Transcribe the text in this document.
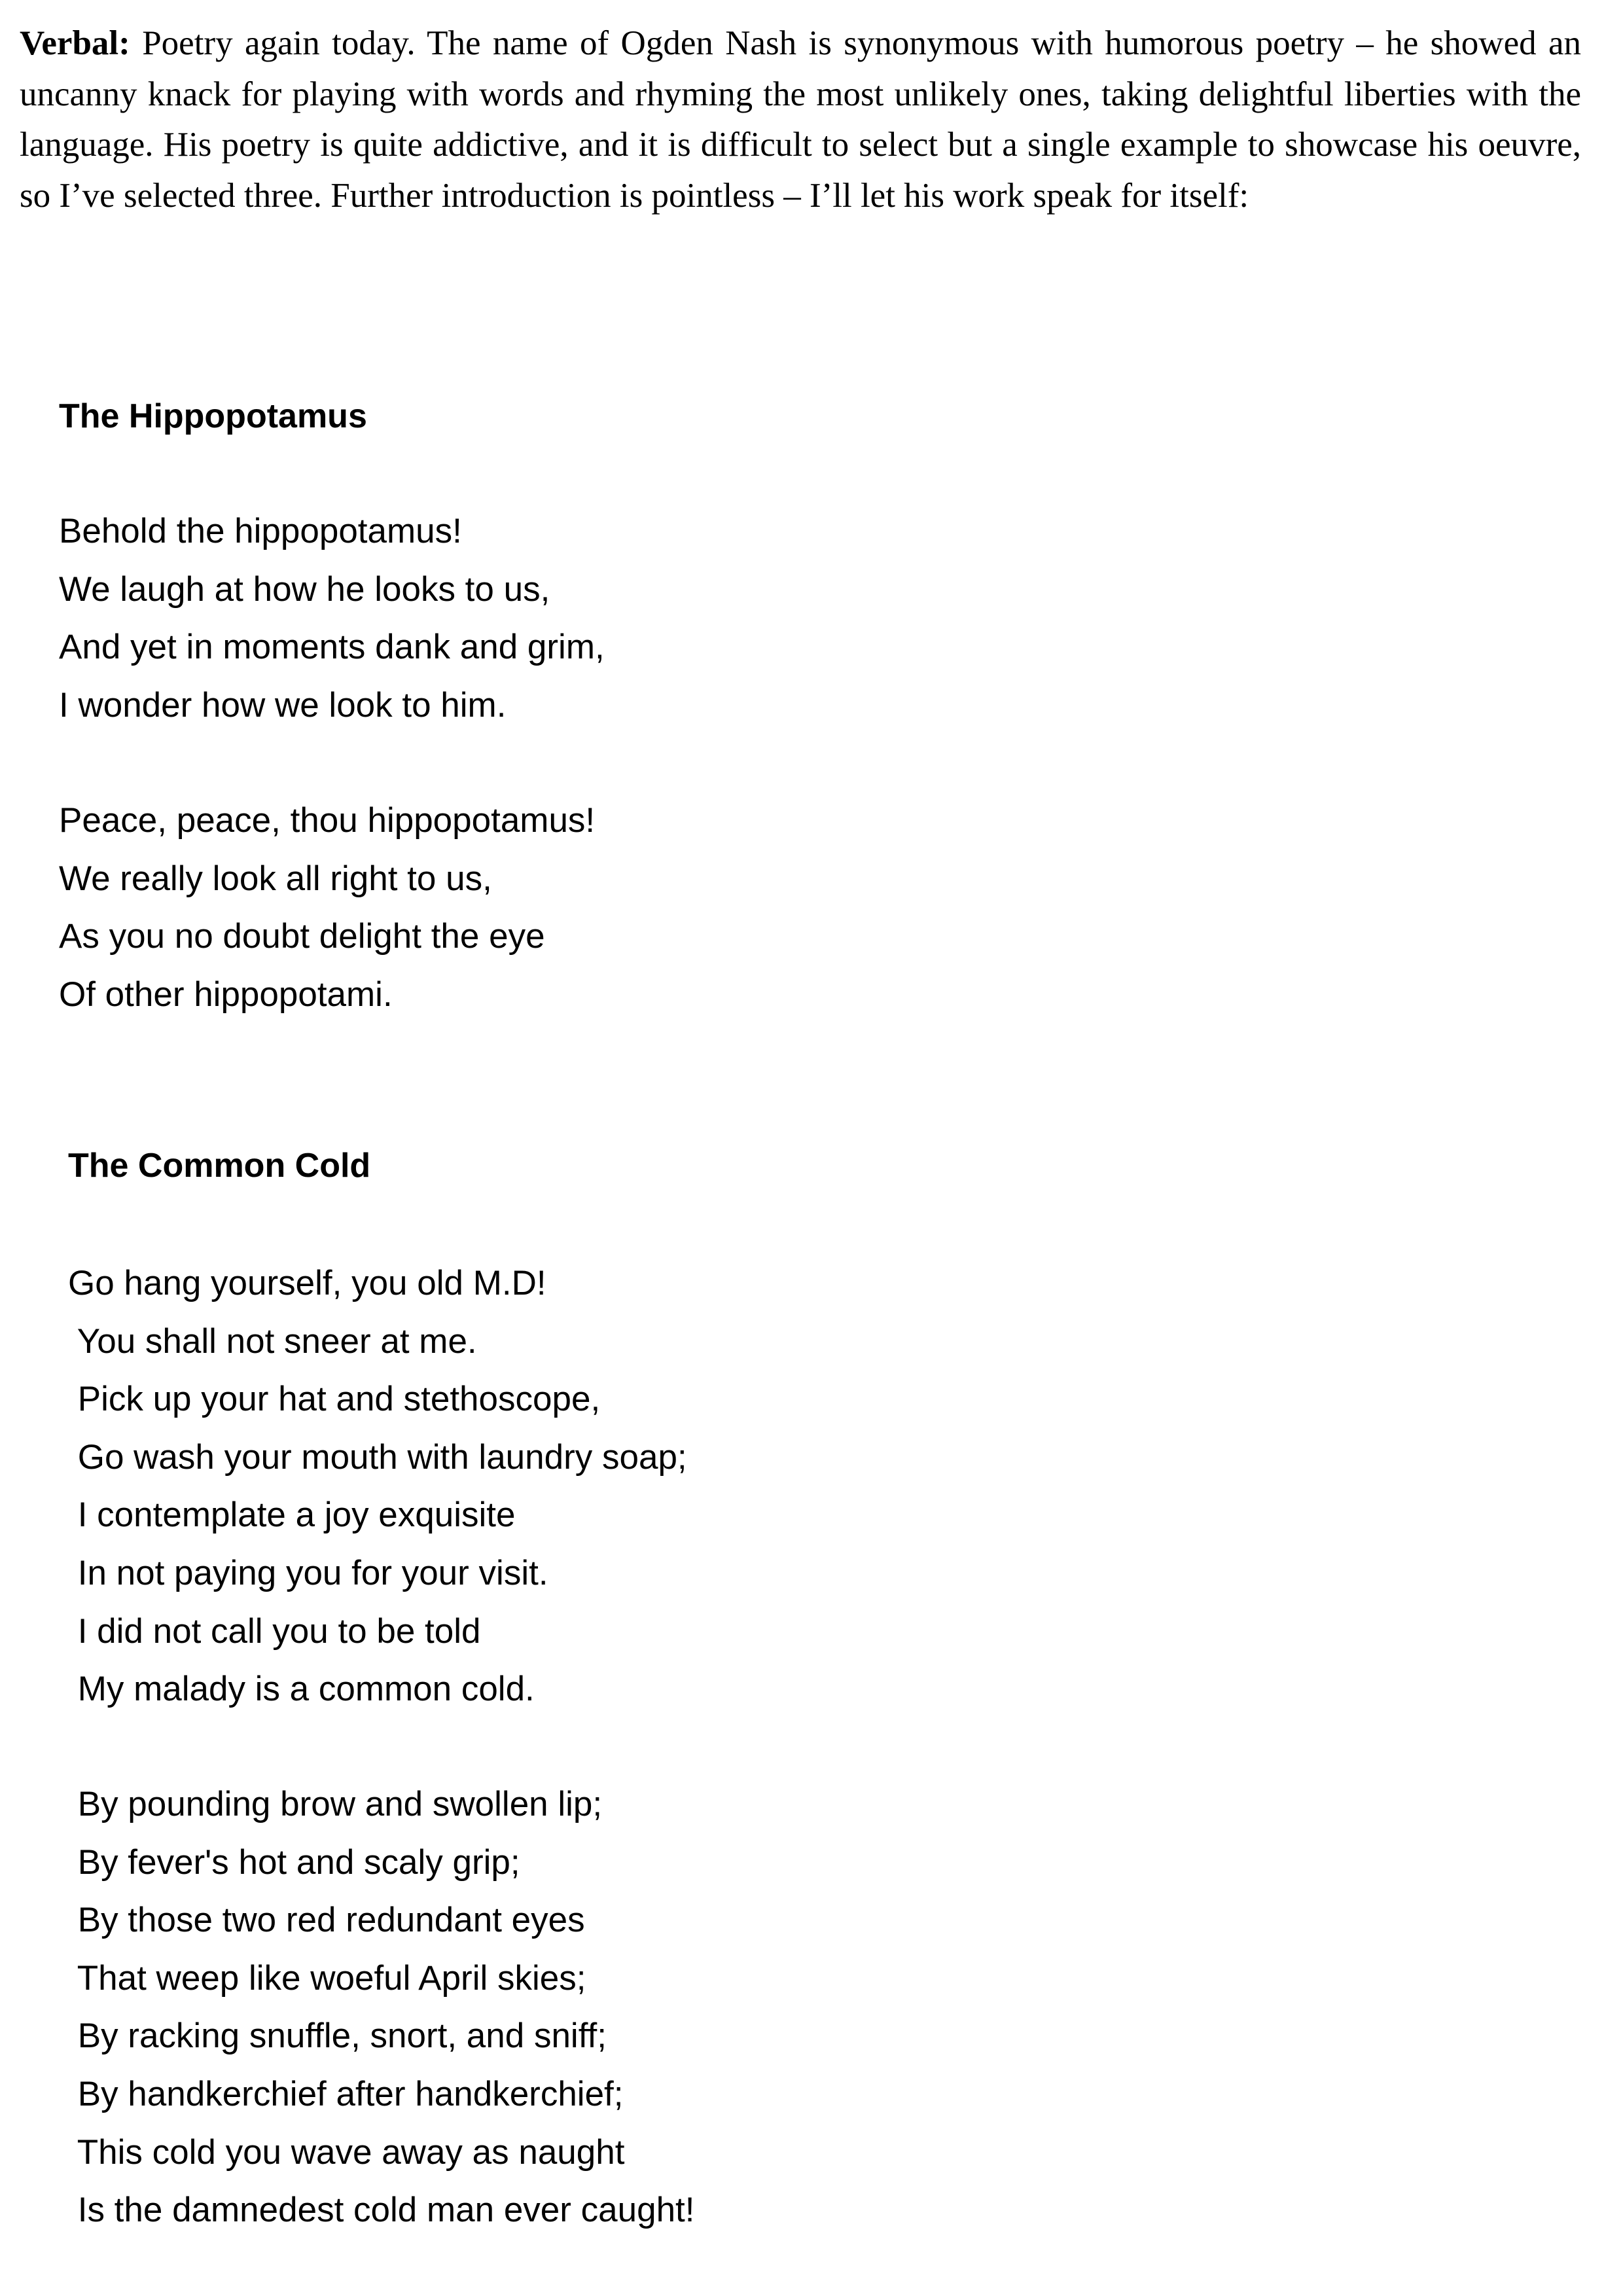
Verbal: Poetry again today. The name of Ogden Nash is synonymous with humorous poetry – he showed an uncanny knack for playing with words and rhyming the most unlikely ones, taking delightful liberties with the language. His poetry is quite addictive, and it is difficult to select but a single example to showcase his oeuvre, so I’ve selected three. Further introduction is pointless – I’ll let his work speak for itself:

The Hippopotamus
Behold the hippopotamus!
We laugh at how he looks to us,
And yet in moments dank and grim,
I wonder how we look to him.
Peace, peace, thou hippopotamus!
We really look all right to us,
As you no doubt delight the eye
Of other hippopotami.
The Common Cold
Go hang yourself, you old M.D!
You shall not sneer at me.
Pick up your hat and stethoscope,
Go wash your mouth with laundry soap;
I contemplate a joy exquisite
In not paying you for your visit.
I did not call you to be told
My malady is a common cold.
By pounding brow and swollen lip;
By fever's hot and scaly grip;
By those two red redundant eyes
That weep like woeful April skies;
By racking snuffle, snort, and sniff;
By handkerchief after handkerchief;
This cold you wave away as naught
Is the damnedest cold man ever caught!
